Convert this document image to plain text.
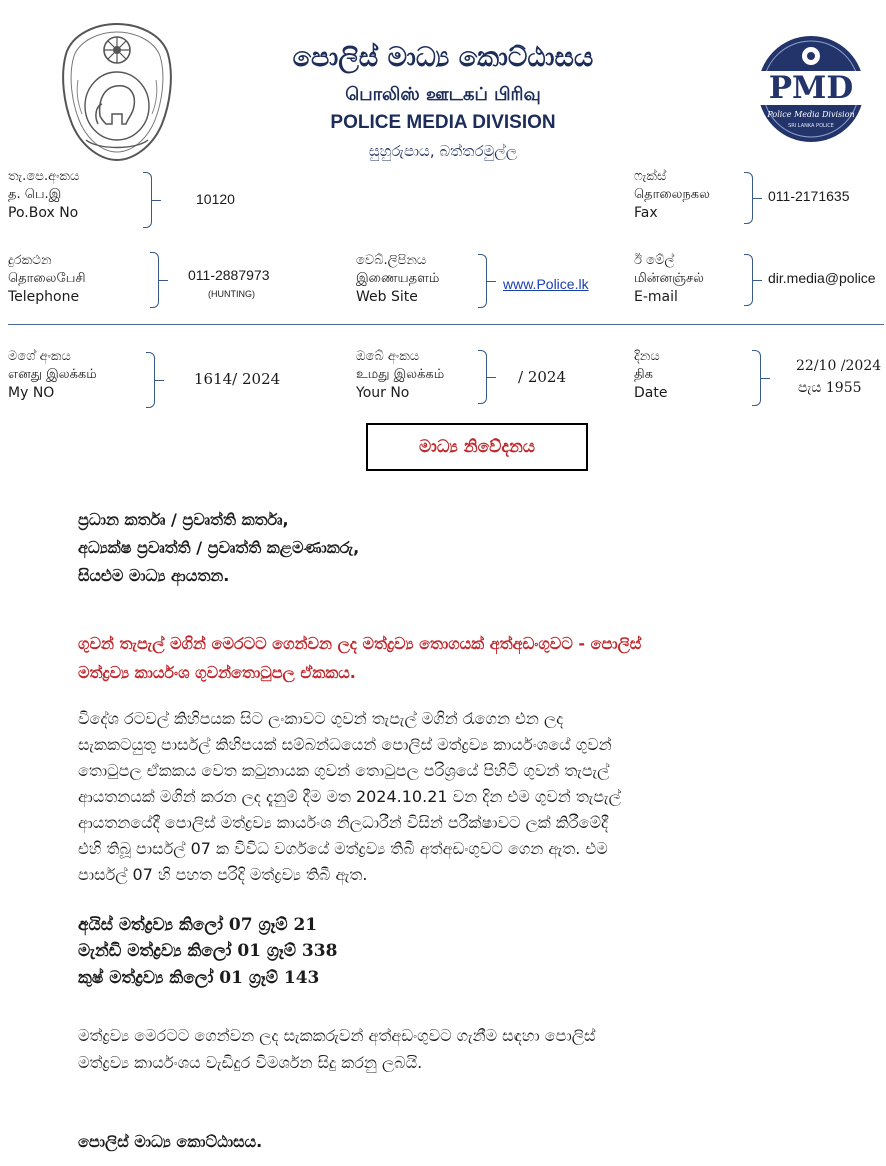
PMD
Police Media Division
SRI LANKA POLICE
පොලිස් මාධ්‍ය කොට්ඨාසය
பொலிஸ் ஊடகப் பிரிவு
POLICE MEDIA DIVISION
සුහුරුපාය, බත්තරමුල්ල
තැ.පෙ.අංකය
த. பெ.இ
Po.Box No
10120
ෆැක්ස්
தொலைநகல
Fax
011-2171635
දුරකථන
தொலைபேசி
Telephone
011-2887973
(HUNTING)
වෙබ්.ලිපිනය
இணையதளம்
Web Site
www.Police.lk
ඊ මේල්
மின்னஞ்சல்
E-mail
dir.media@police
මගේ අංකය
எனது இலக்கம்
My NO
1614/ 2024
ඔබේ අංකය
உமது இலக்கம்
Your No
/ 2024
දිනය
திக
Date
22/10 /2024
පැය 1955
මාධ්‍ය නිවේදනය
ප්‍රධාන කර්තෘ / ප්‍රවෘත්ති කර්තෘ,
අධ්‍යක්ෂ ප්‍රවෘත්ති / ප්‍රවෘත්ති කළමණාකරු,
සියළුම මාධ්‍ය ආයතන.
ගුවන් තැපැල් මගින් මෙරටට ගෙන්වන ලද මත්ද්‍රව්‍ය තොගයක් අත්අඩංගුවට - පොලිස්
මත්ද්‍රව්‍ය කාර්යංශ ගුවන්තොටුපල ඒකකය.
විදේශ රටවල් කිහිපයක සිට ලංකාවට ගුවන් තැපැල් මගින් රැගෙන එන ලද
සැකකටයුතු පාර්සල් කිහිපයක් සම්බන්ධයෙන් පොලිස් මත්ද්‍රව්‍ය කාර්යංශයේ ගුවන්
තොටුපල ඒකකය වෙත කටුනායක ගුවන් තොටුපල පරිශ්‍රයේ පිහිටි ගුවන් තැපැල්
ආයතනයක් මගින් කරන ලද දැනුම් දීම මත 2024.10.21 වන දින එම ගුවන් තැපැල්
ආයතනයේදී පොලිස් මත්ද්‍රව්‍ය කාර්යංශ නිලධාරීන් විසින් පරීක්ෂාවට ලක් කිරීමේදී
එහි තිබූ පාර්සල් 07 ක විවිධ වර්ගයේ මත්ද්‍රව්‍ය තිබී අත්අඩංගුවට ගෙන ඇත. එම
පාර්සල් 07 හි පහත පරිදි මත්ද්‍රව්‍ය තිබී ඇත.
අයිස් මත්ද්‍රව්‍ය කිලෝ 07 ග්‍රෑම් 21
මැන්ඩි මත්ද්‍රව්‍ය කිලෝ 01 ග්‍රෑම් 338
කුෂ් මත්ද්‍රව්‍ය කිලෝ 01 ග්‍රෑම් 143
මත්ද්‍රව්‍ය මෙරටට ගෙන්වන ලද සැකකරුවන් අත්අඩංගුවට ගැනීම සඳහා පොලිස්
මත්ද්‍රව්‍ය කාර්යංශය වැඩිදුර විමර්ශන සිදු කරනු ලබයි.
පොලිස් මාධ්‍ය කොට්ඨාසය.
